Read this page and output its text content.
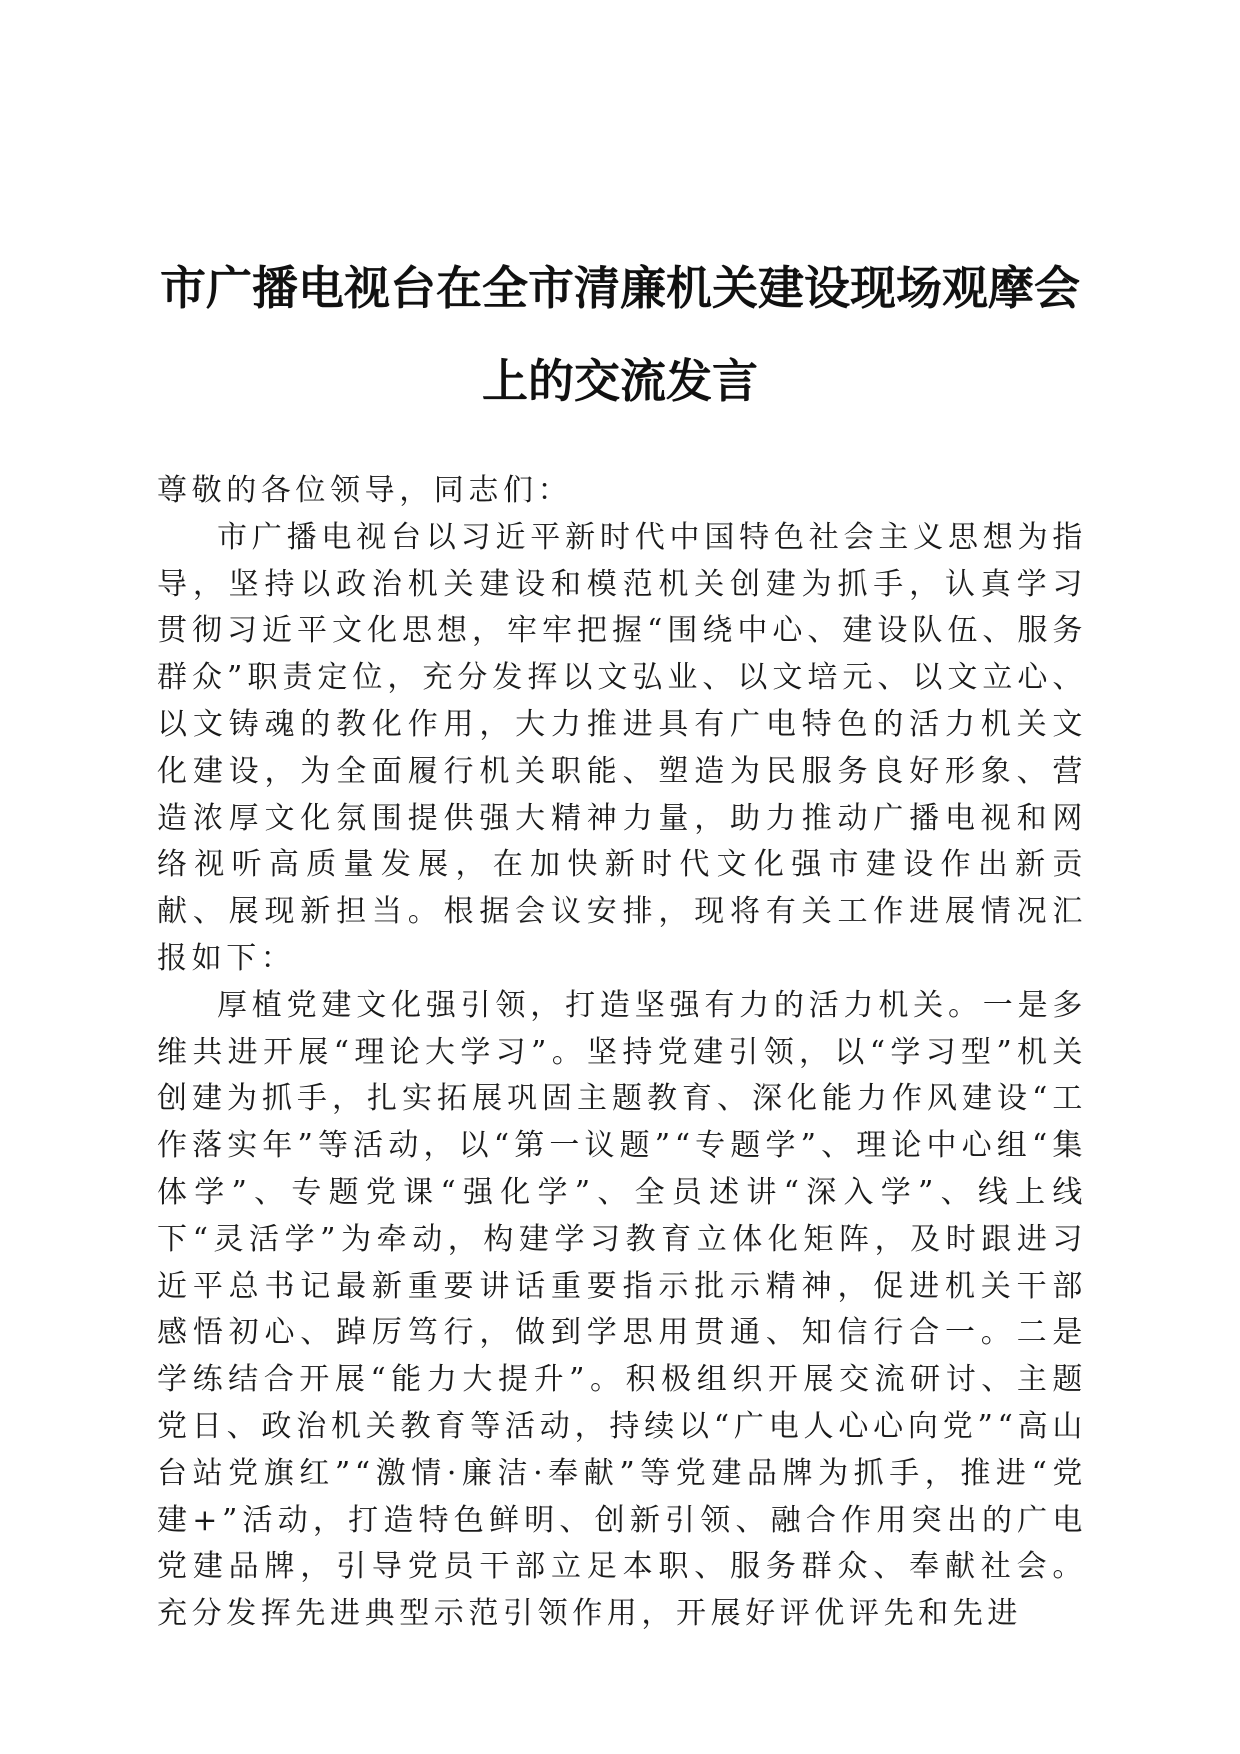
市广播电视台在全市清廉机关建设现场观摩会
上的交流发言

尊敬的各位领导，同志们：

市广播电视台以习近平新时代中国特色社会主义思想为指导，坚持以政治机关建设和模范机关创建为抓手，认真学习贯彻习近平文化思想，牢牢把握“围绕中心、建设队伍、服务群众”职责定位，充分发挥以文弘业、以文培元、以文立心、以文铸魂的教化作用，大力推进具有广电特色的活力机关文化建设，为全面履行机关职能、塑造为民服务良好形象、营造浓厚文化氛围提供强大精神力量，助力推动广播电视和网络视听高质量发展，在加快新时代文化强市建设作出新贡献、展现新担当。根据会议安排，现将有关工作进展情况汇报如下：

厚植党建文化强引领，打造坚强有力的活力机关。一是多维共进开展“理论大学习”。坚持党建引领，以“学习型”机关创建为抓手，扎实拓展巩固主题教育、深化能力作风建设“工作落实年”等活动，以“第一议题”“专题学”、理论中心组“集体学”、专题党课“强化学”、全员述讲“深入学”、线上线下“灵活学”为牵动，构建学习教育立体化矩阵，及时跟进习近平总书记最新重要讲话重要指示批示精神，促进机关干部感悟初心、踔厉笃行，做到学思用贯通、知信行合一。二是学练结合开展“能力大提升”。积极组织开展交流研讨、主题党日、政治机关教育等活动，持续以“广电人心心向党”“高山台站党旗红”“激情·廉洁·奉献”等党建品牌为抓手，推进“党建+”活动，打造特色鲜明、创新引领、融合作用突出的广电党建品牌，引导党员干部立足本职、服务群众、奉献社会。充分发挥先进典型示范引领作用，开展好评优评先和先进
